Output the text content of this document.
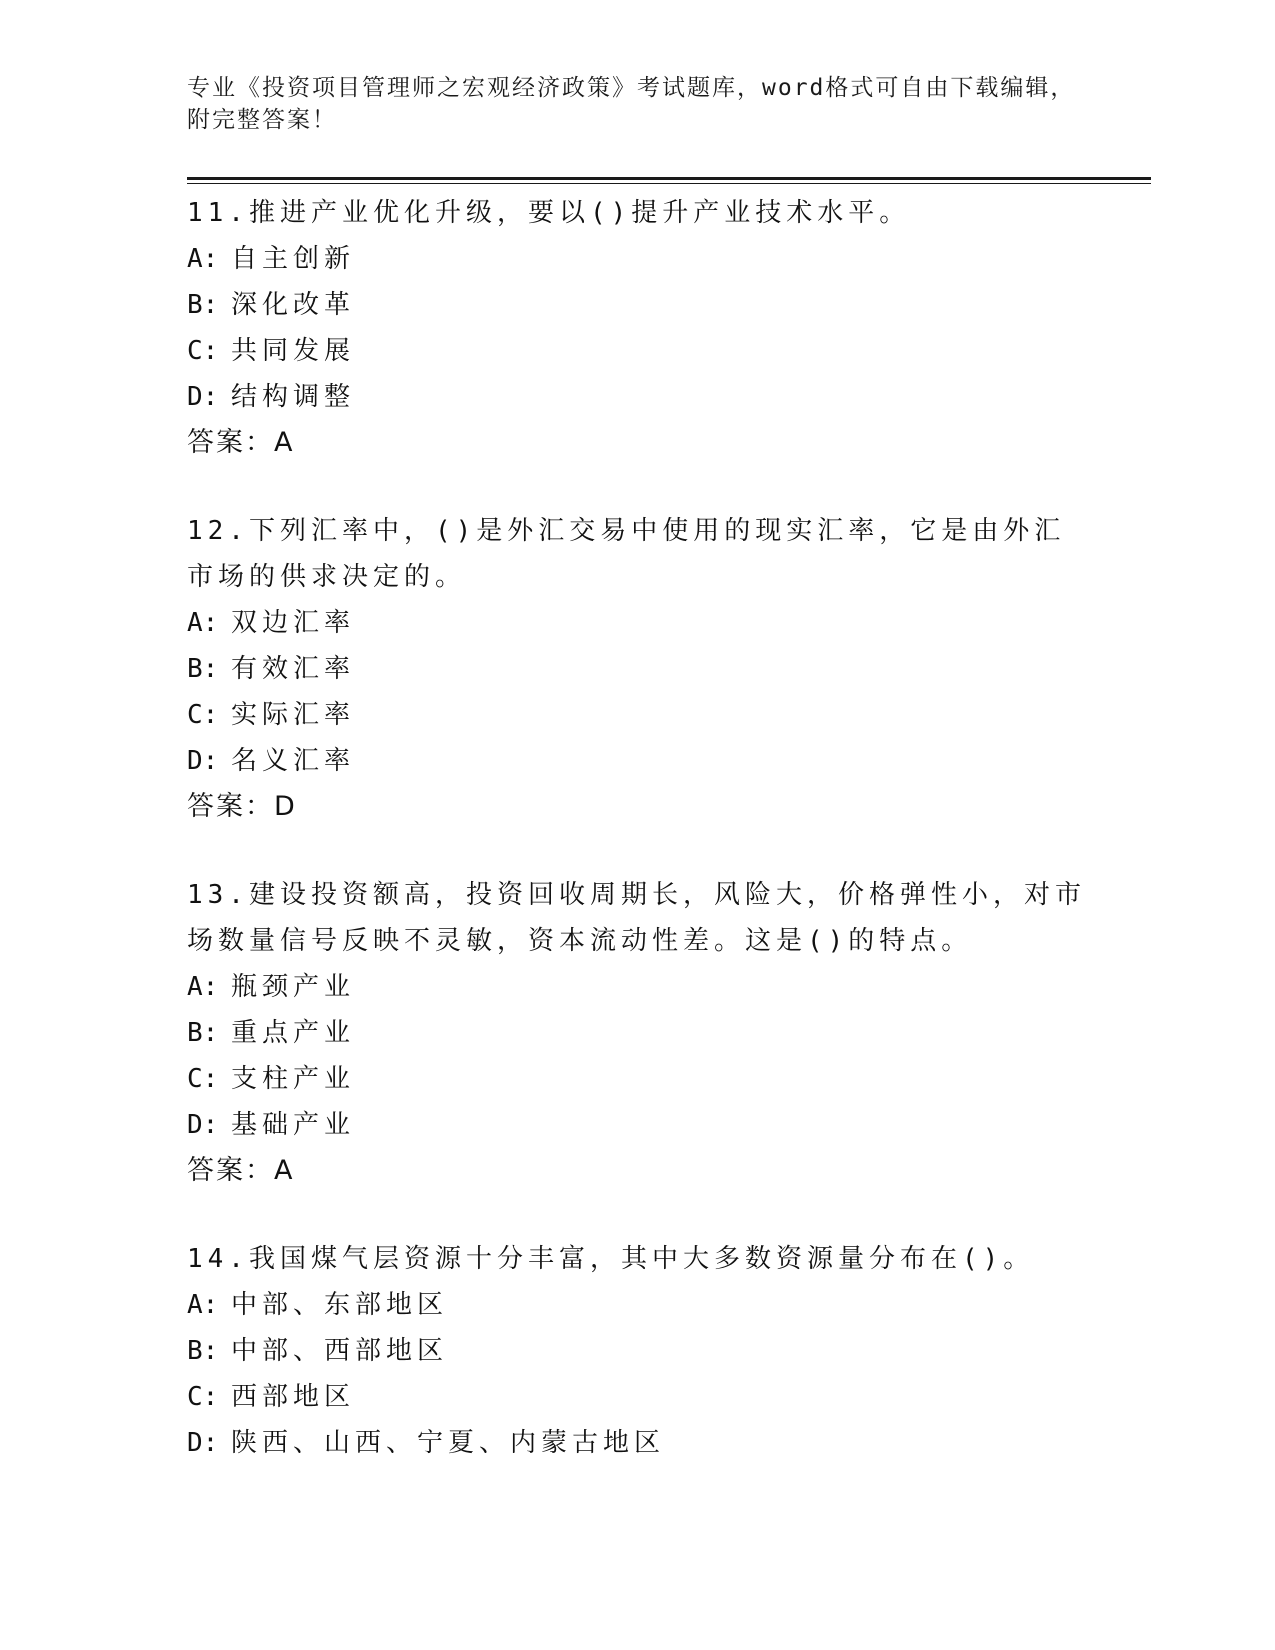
专业《投资项目管理师之宏观经济政策》考试题库，word格式可自由下载编辑，
附完整答案！

11.推进产业优化升级，要以()提升产业技术水平。

A: 自主创新
B: 深化改革
C: 共同发展
D: 结构调整
答案：A

12.下列汇率中，()是外汇交易中使用的现实汇率，它是由外汇市场的供求决定的。

A: 双边汇率
B: 有效汇率
C: 实际汇率
D: 名义汇率
答案：D

13.建设投资额高，投资回收周期长，风险大，价格弹性小，对市场数量信号反映不灵敏，资本流动性差。这是()的特点。

A: 瓶颈产业
B: 重点产业
C: 支柱产业
D: 基础产业
答案：A

14.我国煤气层资源十分丰富，其中大多数资源量分布在()。

A: 中部、东部地区
B: 中部、西部地区
C: 西部地区
D: 陕西、山西、宁夏、内蒙古地区
